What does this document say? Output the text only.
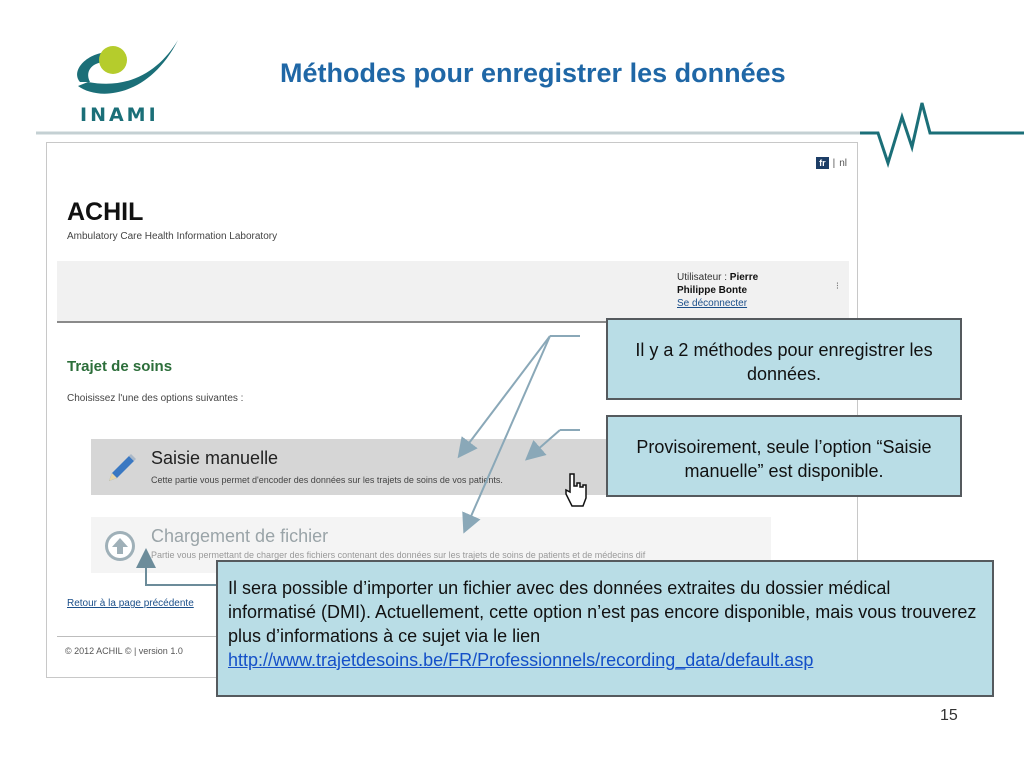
INAMI
Méthodes pour enregistrer les données
fr | nl
ACHIL
Ambulatory Care Health Information Laboratory
Utilisateur : Pierre
Philippe Bonte
Se déconnecter
⁝
Trajet de soins
Choisissez l'une des options suivantes :
Saisie manuelle
Cette partie vous permet d'encoder des données sur les trajets de soins de vos patients.
Chargement de fichier
Partie vous permettant de charger des fichiers contenant des données sur les trajets de soins de patients et de médecins dif
Retour à la page précédente
© 2012 ACHIL © | version 1.0
Il y a 2 méthodes pour enregistrer les données.
Provisoirement, seule l’option “Saisie manuelle” est disponible.
Il sera possible d’importer un fichier avec des données extraites du dossier médical informatisé (DMI). Actuellement, cette option n’est pas encore disponible, mais vous trouverez plus d’informations à ce sujet via le lien
http://www.trajetdesoins.be/FR/Professionnels/recording_data/default.asp
15
